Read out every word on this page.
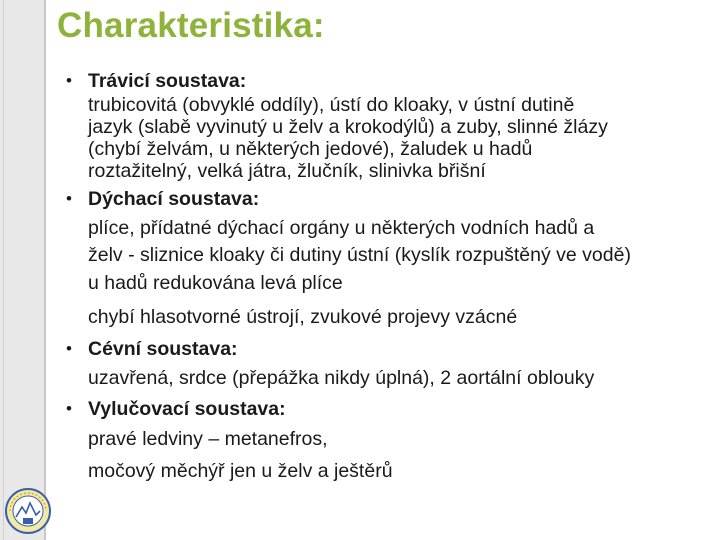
Charakteristika:
• Trávicí soustava:
trubicovitá (obvyklé oddíly), ústí do kloaky, v ústní dutině
jazyk (slabě vyvinutý u želv a krokodýlů) a zuby, slinné žlázy
(chybí želvám, u některých jedové), žaludek u hadů
roztažitelný, velká játra, žlučník, slinivka břišní
• Dýchací soustava:
plíce, přídatné dýchací orgány u některých vodních hadů a
želv - sliznice kloaky či dutiny ústní (kyslík rozpuštěný ve vodě)
u hadů redukována levá plíce
chybí hlasotvorné ústrojí, zvukové projevy vzácné
• Cévní soustava:
uzavřená, srdce (přepážka nikdy úplná), 2 aortální oblouky
• Vylučovací soustava:
pravé ledviny – metanefros,
močový měchýř jen u želv a ještěrů
